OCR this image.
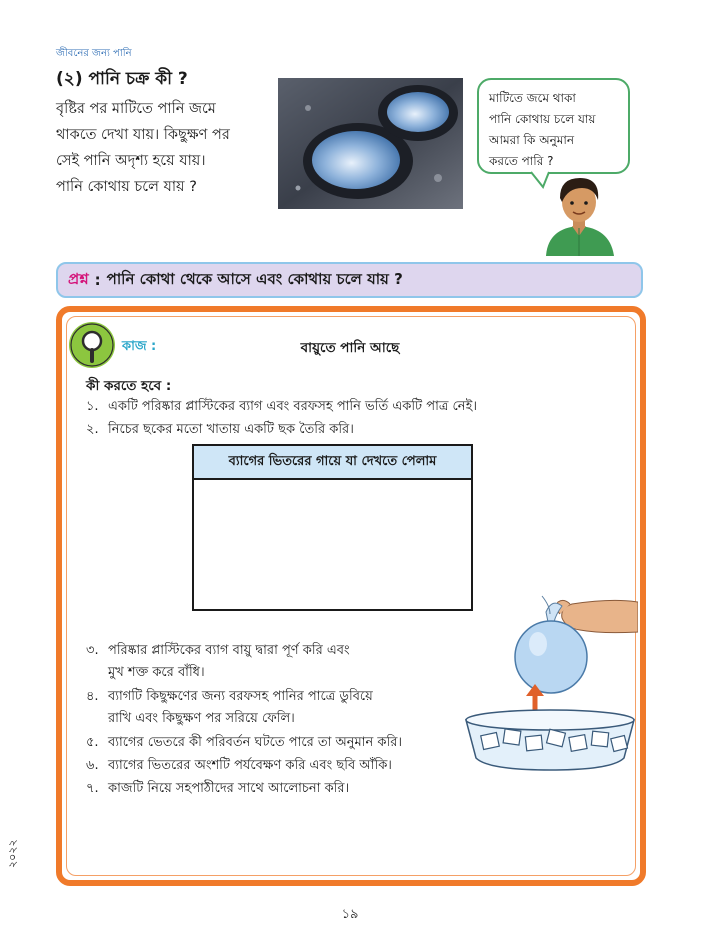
জীবনের জন্য পানি
(২) পানি চক্র কী ?
বৃষ্টির পর মাটিতে পানি জমে
থাকতে দেখা যায়। কিছুক্ষণ পর
সেই পানি অদৃশ্য হয়ে যায়।
পানি কোথায় চলে যায় ?
মাটিতে জমে থাকা
পানি কোথায় চলে যায়
আমরা কি অনুমান
করতে পারি ?
প্রশ্ন : পানি কোথা থেকে আসে এবং কোথায় চলে যায় ?
কাজ :	বায়ুতে পানি আছে
কী করতে হবে :
১. একটি পরিষ্কার প্লাস্টিকের ব্যাগ এবং বরফসহ পানি ভর্তি একটি পাত্র নেই।
২. নিচের ছকের মতো খাতায় একটি ছক তৈরি করি।
ব্যাগের ভিতরের গায়ে যা দেখতে পেলাম
৩. পরিষ্কার প্লাস্টিকের ব্যাগ বায়ু দ্বারা পূর্ণ করি এবং
মুখ শক্ত করে বাঁধি।
৪. ব্যাগটি কিছুক্ষণের জন্য বরফসহ পানির পাত্রে ডুবিয়ে
রাখি এবং কিছুক্ষণ পর সরিয়ে ফেলি।
৫. ব্যাগের ভেতরে কী পরিবর্তন ঘটতে পারে তা অনুমান করি।
৬. ব্যাগের ভিতরের অংশটি পর্যবেক্ষণ করি এবং ছবি আঁকি।
৭. কাজটি নিয়ে সহপাঠীদের সাথে আলোচনা করি।
২০২২
১৯
